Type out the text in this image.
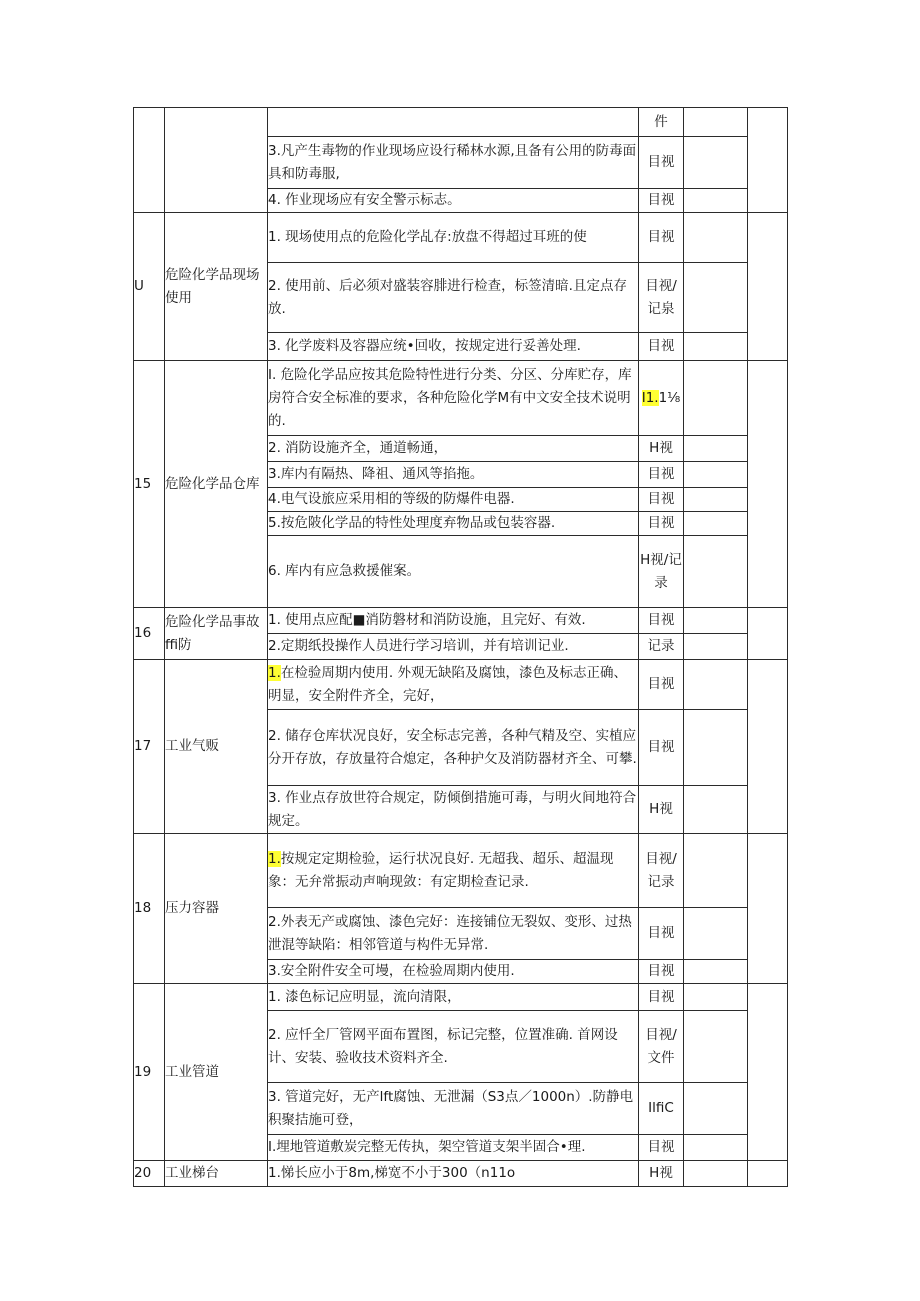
			件		
		3.凡产生毒物的作业现场应设行稀林水源,且备有公用的防毒面具和防毒服,	目视		
		4. 作业现场应有安全警示标志。	目视		
U	危险化学品现场使用	1. 现场使用点的危险化学乩存:放盘不得超过耳班的使	目视		
		2. 使用前、后必须对盛装容腓进行检查，标签清暗.且定点存放.	目视/记泉		
		3. 化学废料及容器应统•回收，按规定进行妥善处理.	目视		
15	危险化学品仓库	I. 危险化学品应按其危险特性进行分类、分区、分库贮存，库房符合安全标准的要求，各种危险化学M有中文安全技术说明的.	I1.1⅛		
		2. 消防设施齐全，通道畅通，	H视		
		3.库内有隔热、降祖、通风等掐拖。	目视		
		4.电气设旅应采用相的等级的防爆件电器.	目视		
		5.按危陂化学品的特性处理度弃物品或包装容器.	目视		
		6. 库内有应急救援催案。	H视/记录		
16	危险化学品事故ffi防	1. 使用点应配■消防磐材和消防设施，且完好、有效.	目视		
		2.定期纸投操作人员进行学习培训，并有培训记业.	记录		
17	工业气贩	1.在检验周期内使用. 外观无缺陷及腐蚀，漆色及标志正确、明显，安全附件齐全，完好，	目视		
		2. 储存仓库状况良好，安全标志完善，各种气精及空、实植应分开存放，存放量符合熄定，各种护攵及消防器材齐全、可攀.	目视		
		3. 作业点存放世符合规定，防倾倒措施可毒，与明火间地符合规定。	H视		
18	压力容器	1.按规定定期检验，运行状况良好. 无超我、超乐、超温现象：无弁常振动声响现敛：有定期检查记录.	目视/记录		
		2.外表无产或腐蚀、漆色完好：连接铺位无裂奴、变形、过热泄混等缺陷：相邻管道与构件无异常.	目视		
		3.安全附件安全可墁，在检验周期内使用.	目视		
19	工业管道	1. 漆色标记应明显，流向清限，	目视		
		2. 应忏全厂管网平面布置图，标记完整，位置准确. 首网设计、安装、验收技术资料齐全.	目视/文件		
		3. 管道完好，无产lft腐蚀、无泄漏（S3点／1000n）.防静电积聚拮施可登，	IlfiC		
		I.埋地管道敷炭完整无传执，架空管道支架半固合•理.	目视		
20	工业梯台	1.悌长应小于8m,梯宽不小于300（n11o	H视		
